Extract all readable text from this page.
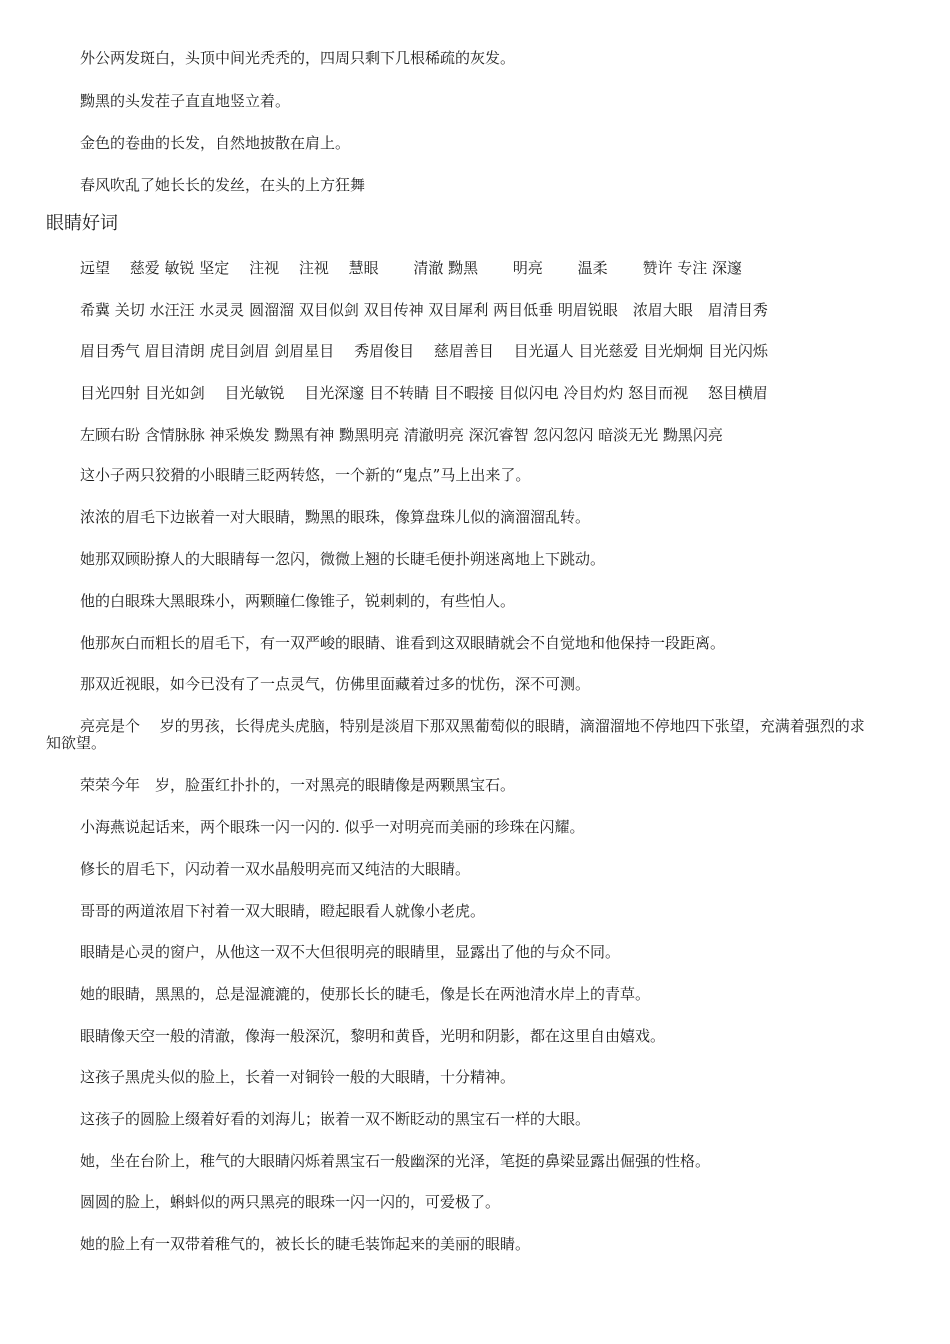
外公两发斑白，头顶中间光秃秃的，四周只剩下几根稀疏的灰发。

黝黑的头发茬子直直地竖立着。

金色的卷曲的长发，自然地披散在肩上。

春风吹乱了她长长的发丝，在头的上方狂舞

眼睛好词

远望　 慈爱 敏锐 坚定　 注视　 注视　 慧眼　　 清澈 黝黑　　 明亮　　 温柔　　 赞许 专注 深邃

希冀 关切 水汪汪 水灵灵 圆溜溜 双目似剑 双目传神 双目犀利 两目低垂 明眉锐眼　浓眉大眼　眉清目秀

眉目秀气 眉目清朗 虎目剑眉 剑眉星目　 秀眉俊目　 慈眉善目　 目光逼人 目光慈爱 目光炯炯 目光闪烁

目光四射 目光如剑　 目光敏锐　 目光深邃 目不转睛 目不暇接 目似闪电 冷目灼灼 怒目而视　 怒目横眉

左顾右盼 含情脉脉 神采焕发 黝黑有神 黝黑明亮 清澈明亮 深沉睿智 忽闪忽闪 暗淡无光 黝黑闪亮

这小子两只狡猾的小眼睛三眨两转悠，一个新的“鬼点”马上出来了。

浓浓的眉毛下边嵌着一对大眼睛，黝黑的眼珠，像算盘珠儿似的滴溜溜乱转。

她那双顾盼撩人的大眼睛每一忽闪，微微上翘的长睫毛便扑朔迷离地上下跳动。

他的白眼珠大黑眼珠小，两颗瞳仁像锥子，锐刺刺的，有些怕人。

他那灰白而粗长的眉毛下，有一双严峻的眼睛、谁看到这双眼睛就会不自觉地和他保持一段距离。

那双近视眼，如今已没有了一点灵气，仿佛里面藏着过多的忧伤，深不可测。

亮亮是个　 岁的男孩，长得虎头虎脑，特别是淡眉下那双黑葡萄似的眼睛，滴溜溜地不停地四下张望，充满着强烈的求知欲望。

荣荣今年　岁，脸蛋红扑扑的，一对黑亮的眼睛像是两颗黑宝石。

小海燕说起话来，两个眼珠一闪一闪的. 似乎一对明亮而美丽的珍珠在闪耀。

修长的眉毛下，闪动着一双水晶般明亮而又纯洁的大眼睛。

哥哥的两道浓眉下衬着一双大眼睛，瞪起眼看人就像小老虎。

眼睛是心灵的窗户，从他这一双不大但很明亮的眼睛里，显露出了他的与众不同。

她的眼睛，黑黑的，总是湿漉漉的，使那长长的睫毛，像是长在两池清水岸上的青草。

眼睛像天空一般的清澈，像海一般深沉，黎明和黄昏，光明和阴影，都在这里自由嬉戏。

这孩子黑虎头似的脸上，长着一对铜铃一般的大眼睛，十分精神。

这孩子的圆脸上缀着好看的刘海儿；嵌着一双不断眨动的黑宝石一样的大眼。

她，坐在台阶上，稚气的大眼睛闪烁着黑宝石一般幽深的光泽，笔挺的鼻梁显露出倔强的性格。

圆圆的脸上，蝌蚪似的两只黑亮的眼珠一闪一闪的，可爱极了。

她的脸上有一双带着稚气的，被长长的睫毛装饰起来的美丽的眼睛。
